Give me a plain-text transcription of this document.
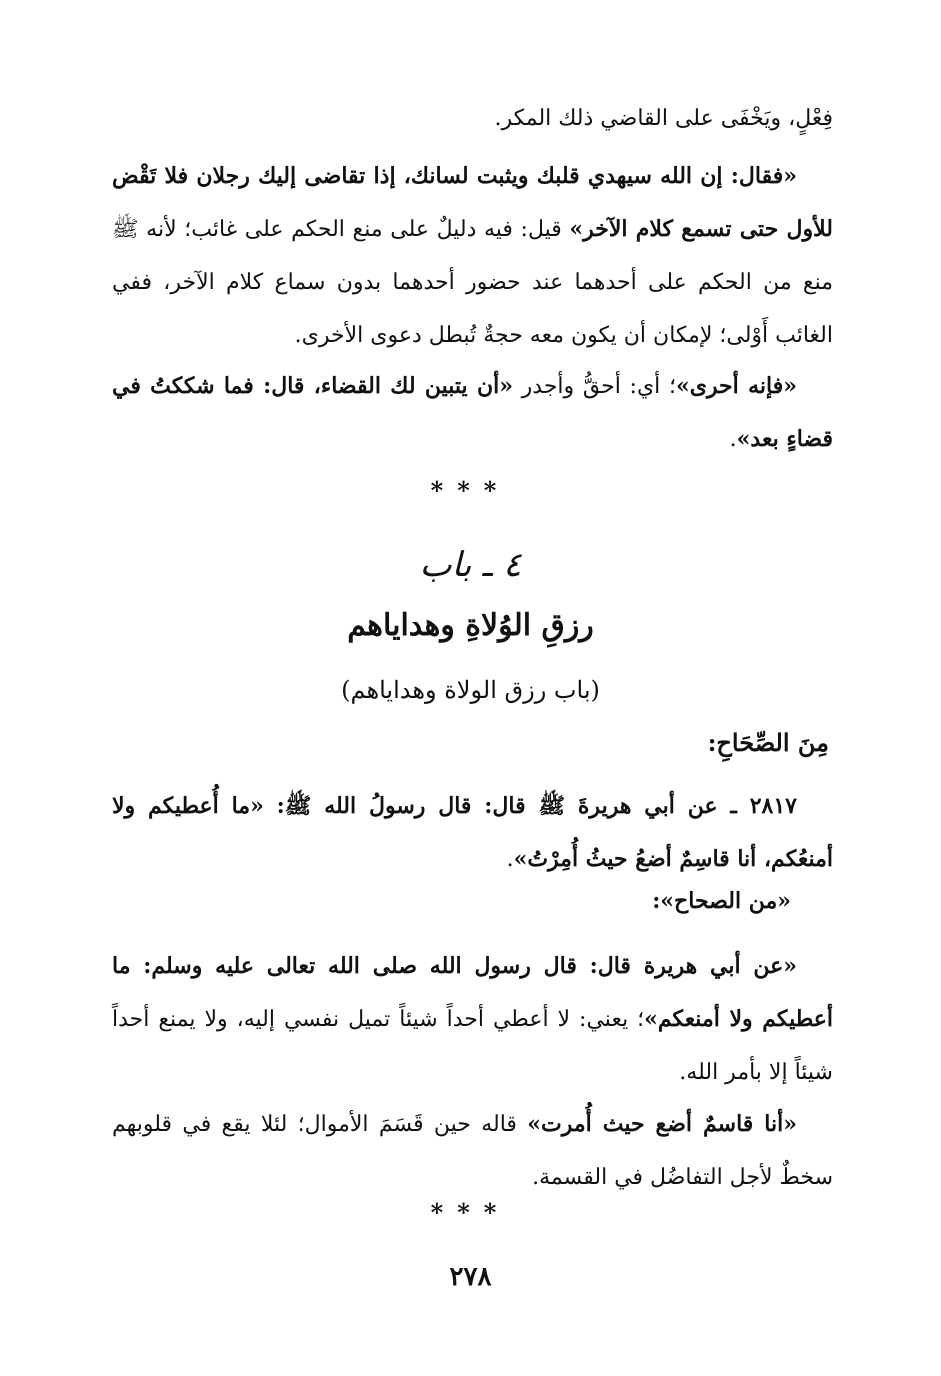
فِعْلٍ، ويَخْفَى على القاضي ذلك المكر.

«فقال: إن الله سيهدي قلبك ويثبت لسانك، إذا تقاضى إليك رجلان فلا تَقْض للأول حتى تسمع كلام الآخر» قيل: فيه دليلٌ على منع الحكم على غائب؛ لأنه ﷺ منع من الحكم على أحدهما عند حضور أحدهما بدون سماع كلام الآخر، ففي الغائب أَوْلى؛ لإمكان أن يكون معه حجةٌ تُبطل دعوى الأخرى.

«فإنه أحرى»؛ أي: أحقُّ وأجدر «أن يتبين لك القضاء، قال: فما شككتُ في قضاءٍ بعد».

***
٤ ـ باب
رزقِ الوُلاةِ وهداياهم
(باب رزق الولاة وهداياهم)
مِنَ الصِّحَاحِ:

٢٨١٧ ـ عن أبي هريرةَ ﷺ قال: قال رسولُ الله ﷺ: «ما أُعطيكم ولا أمنعُكم، أنا قاسِمٌ أضعُ حيثُ أُمِرْتُ».

«من الصحاح»:

«عن أبي هريرة قال: قال رسول الله صلى الله تعالى عليه وسلم: ما أعطيكم ولا أمنعكم»؛ يعني: لا أعطي أحداً شيئاً تميل نفسي إليه، ولا يمنع أحداً شيئاً إلا بأمر الله.

«أنا قاسمٌ أضع حيث أُمرت» قاله حين قَسَمَ الأموال؛ لئلا يقع في قلوبهم سخطٌ لأجل التفاضُل في القسمة.

***
٢٧٨
